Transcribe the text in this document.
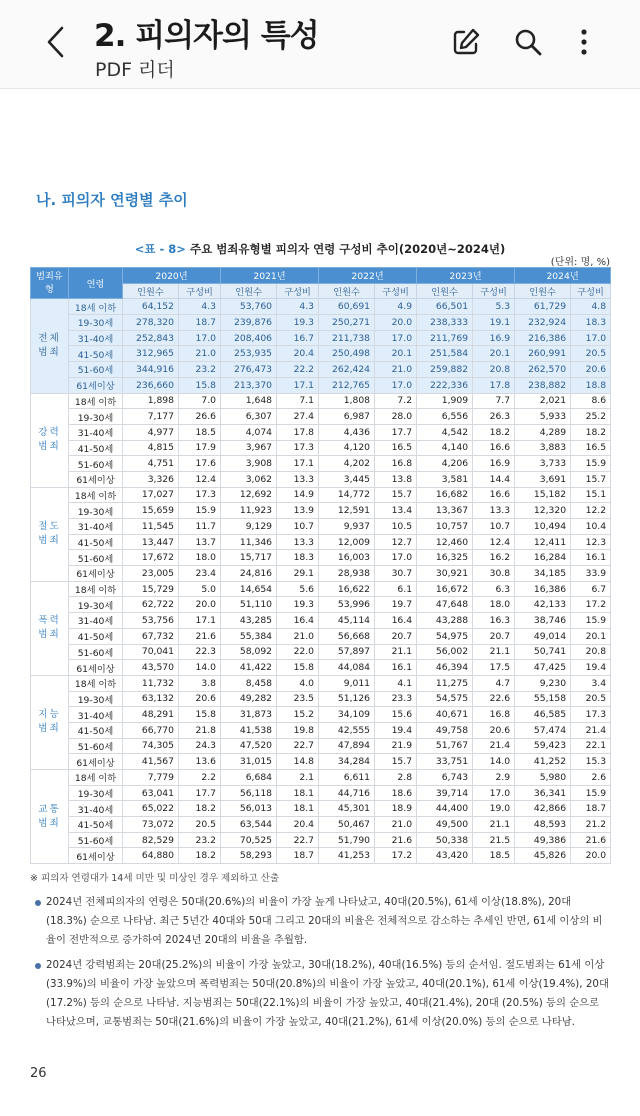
2. 피의자의 특성
PDF 리더
나. 피의자 연령별 추이
<표 - 8> 주요 범죄유형별 피의자 연령 구성비 추이(2020년~2024년)
(단위: 명, %)
범죄유형	연령	2020년		2021년		2022년		2023년		2024년	
		인원수	구성비	인원수	구성비	인원수	구성비	인원수	구성비	인원수	구성비
전체범죄	18세 이하	64,152	4.3	53,760	4.3	60,691	4.9	66,501	5.3	61,729	4.8
	19-30세	278,320	18.7	239,876	19.3	250,271	20.0	238,333	19.1	232,924	18.3
	31-40세	252,843	17.0	208,406	16.7	211,738	17.0	211,769	16.9	216,386	17.0
	41-50세	312,965	21.0	253,935	20.4	250,498	20.1	251,584	20.1	260,991	20.5
	51-60세	344,916	23.2	276,473	22.2	262,424	21.0	259,882	20.8	262,570	20.6
	61세이상	236,660	15.8	213,370	17.1	212,765	17.0	222,336	17.8	238,882	18.8
강력범죄	18세 이하	1,898	7.0	1,648	7.1	1,808	7.2	1,909	7.7	2,021	8.6
	19-30세	7,177	26.6	6,307	27.4	6,987	28.0	6,556	26.3	5,933	25.2
	31-40세	4,977	18.5	4,074	17.8	4,436	17.7	4,542	18.2	4,289	18.2
	41-50세	4,815	17.9	3,967	17.3	4,120	16.5	4,140	16.6	3,883	16.5
	51-60세	4,751	17.6	3,908	17.1	4,202	16.8	4,206	16.9	3,733	15.9
	61세이상	3,326	12.4	3,062	13.3	3,445	13.8	3,581	14.4	3,691	15.7
절도범죄	18세 이하	17,027	17.3	12,692	14.9	14,772	15.7	16,682	16.6	15,182	15.1
	19-30세	15,659	15.9	11,923	13.9	12,591	13.4	13,367	13.3	12,320	12.2
	31-40세	11,545	11.7	9,129	10.7	9,937	10.5	10,757	10.7	10,494	10.4
	41-50세	13,447	13.7	11,346	13.3	12,009	12.7	12,460	12.4	12,411	12.3
	51-60세	17,672	18.0	15,717	18.3	16,003	17.0	16,325	16.2	16,284	16.1
	61세이상	23,005	23.4	24,816	29.1	28,938	30.7	30,921	30.8	34,185	33.9
폭력범죄	18세 이하	15,729	5.0	14,654	5.6	16,622	6.1	16,672	6.3	16,386	6.7
	19-30세	62,722	20.0	51,110	19.3	53,996	19.7	47,648	18.0	42,133	17.2
	31-40세	53,756	17.1	43,285	16.4	45,114	16.4	43,288	16.3	38,746	15.9
	41-50세	67,732	21.6	55,384	21.0	56,668	20.7	54,975	20.7	49,014	20.1
	51-60세	70,041	22.3	58,092	22.0	57,897	21.1	56,002	21.1	50,741	20.8
	61세이상	43,570	14.0	41,422	15.8	44,084	16.1	46,394	17.5	47,425	19.4
지능범죄	18세 이하	11,732	3.8	8,458	4.0	9,011	4.1	11,275	4.7	9,230	3.4
	19-30세	63,132	20.6	49,282	23.5	51,126	23.3	54,575	22.6	55,158	20.5
	31-40세	48,291	15.8	31,873	15.2	34,109	15.6	40,671	16.8	46,585	17.3
	41-50세	66,770	21.8	41,538	19.8	42,555	19.4	49,758	20.6	57,474	21.4
	51-60세	74,305	24.3	47,520	22.7	47,894	21.9	51,767	21.4	59,423	22.1
	61세이상	41,567	13.6	31,015	14.8	34,284	15.7	33,751	14.0	41,252	15.3
교통범죄	18세 이하	7,779	2.2	6,684	2.1	6,611	2.8	6,743	2.9	5,980	2.6
	19-30세	63,041	17.7	56,118	18.1	44,716	18.6	39,714	17.0	36,341	15.9
	31-40세	65,022	18.2	56,013	18.1	45,301	18.9	44,400	19.0	42,866	18.7
	41-50세	73,072	20.5	63,544	20.4	50,467	21.0	49,500	21.1	48,593	21.2
	51-60세	82,529	23.2	70,525	22.7	51,790	21.6	50,338	21.5	49,386	21.6
	61세이상	64,880	18.2	58,293	18.7	41,253	17.2	43,420	18.5	45,826	20.0
※ 피의자 연령대가 14세 미만 및 미상인 경우 제외하고 산출
2024년 전체피의자의 연령은 50대(20.6%)의 비율이 가장 높게 나타났고, 40대(20.5%), 61세 이상(18.8%), 20대(18.3%) 순으로 나타남. 최근 5년간 40대와 50대 그리고 20대의 비율은 전체적으로 감소하는 추세인 반면, 61세 이상의 비율이 전반적으로 증가하여 2024년 20대의 비율을 추월함.
2024년 강력범죄는 20대(25.2%)의 비율이 가장 높았고, 30대(18.2%), 40대(16.5%) 등의 순서임. 절도범죄는 61세 이상(33.9%)의 비율이 가장 높았으며 폭력범죄는 50대(20.8%)의 비율이 가장 높았고, 40대(20.1%), 61세 이상(19.4%), 20대(17.2%) 등의 순으로 나타남. 지능범죄는 50대(22.1%)의 비율이 가장 높았고, 40대(21.4%), 20대 (20.5%) 등의 순으로 나타났으며, 교통범죄는 50대(21.6%)의 비율이 가장 높았고, 40대(21.2%), 61세 이상(20.0%) 등의 순으로 나타남.
26
